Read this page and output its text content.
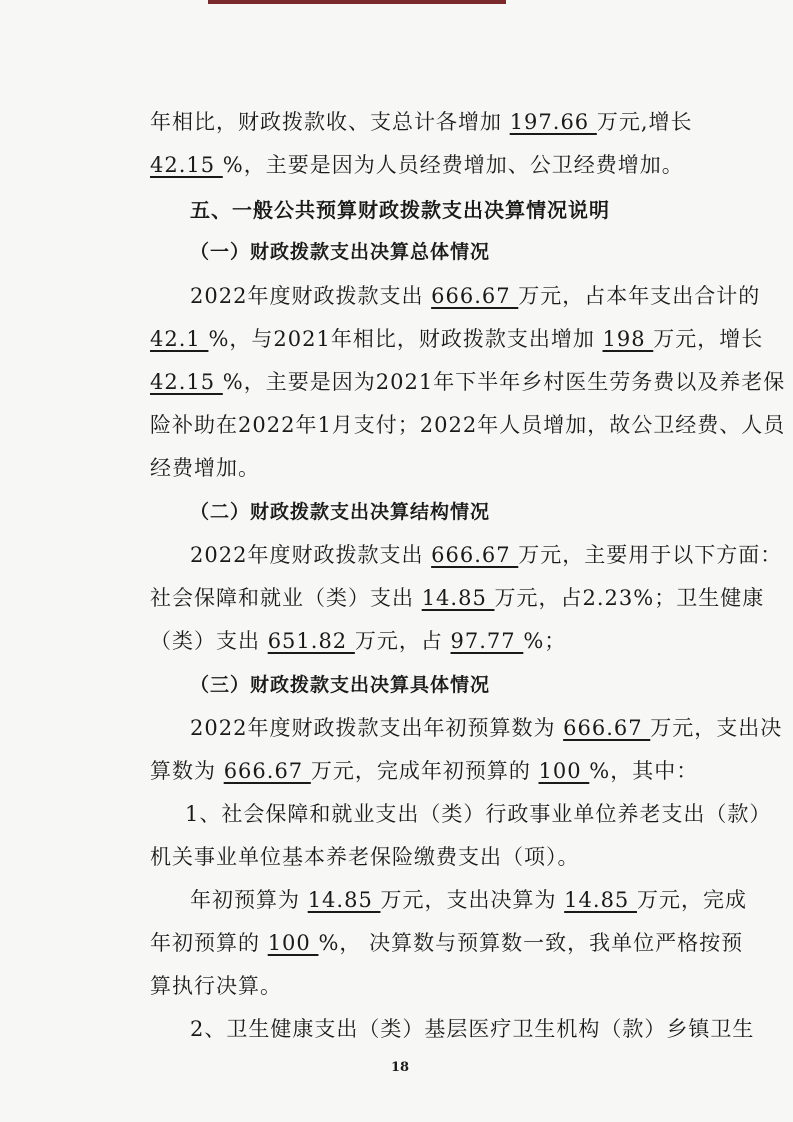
年相比，财政拨款收、支总计各增加 197.66 万元,增长
42.15 %，主要是因为人员经费增加、公卫经费增加。
五、一般公共预算财政拨款支出决算情况说明
（一）财政拨款支出决算总体情况
2022年度财政拨款支出 666.67 万元，占本年支出合计的
42.1 %，与2021年相比，财政拨款支出增加 198 万元，增长
42.15 %，主要是因为2021年下半年乡村医生劳务费以及养老保
险补助在2022年1月支付；2022年人员增加，故公卫经费、人员
经费增加。
（二）财政拨款支出决算结构情况
2022年度财政拨款支出 666.67 万元，主要用于以下方面：
社会保障和就业（类）支出 14.85 万元，占2.23%；卫生健康
（类）支出 651.82 万元，占 97.77 %；
（三）财政拨款支出决算具体情况
2022年度财政拨款支出年初预算数为 666.67 万元，支出决
算数为 666.67 万元，完成年初预算的 100 %，其中：
1、社会保障和就业支出（类）行政事业单位养老支出（款）
机关事业单位基本养老保险缴费支出（项）。
年初预算为 14.85 万元，支出决算为 14.85 万元，完成
年初预算的 100 %， 决算数与预算数一致，我单位严格按预
算执行决算。
2、卫生健康支出（类）基层医疗卫生机构（款）乡镇卫生
18
